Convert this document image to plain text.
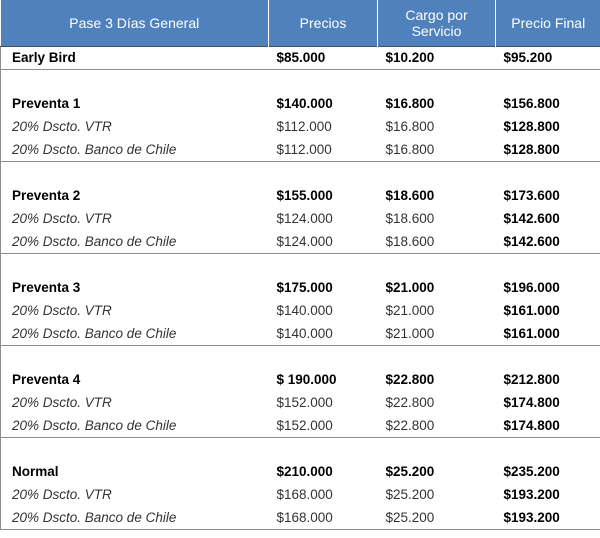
Pase 3 Días General	Precios	Cargo por Servicio	Precio Final
Early Bird	$85.000	$10.200	$95.200

Preventa 1	$140.000	$16.800	$156.800
20% Dscto. VTR	$112.000	$16.800	$128.800
20% Dscto. Banco de Chile	$112.000	$16.800	$128.800

Preventa 2	$155.000	$18.600	$173.600
20% Dscto. VTR	$124.000	$18.600	$142.600
20% Dscto. Banco de Chile	$124.000	$18.600	$142.600

Preventa 3	$175.000	$21.000	$196.000
20% Dscto. VTR	$140.000	$21.000	$161.000
20% Dscto. Banco de Chile	$140.000	$21.000	$161.000

Preventa 4	$ 190.000	$22.800	$212.800
20% Dscto. VTR	$152.000	$22.800	$174.800
20% Dscto. Banco de Chile	$152.000	$22.800	$174.800

Normal	$210.000	$25.200	$235.200
20% Dscto. VTR	$168.000	$25.200	$193.200
20% Dscto. Banco de Chile	$168.000	$25.200	$193.200
